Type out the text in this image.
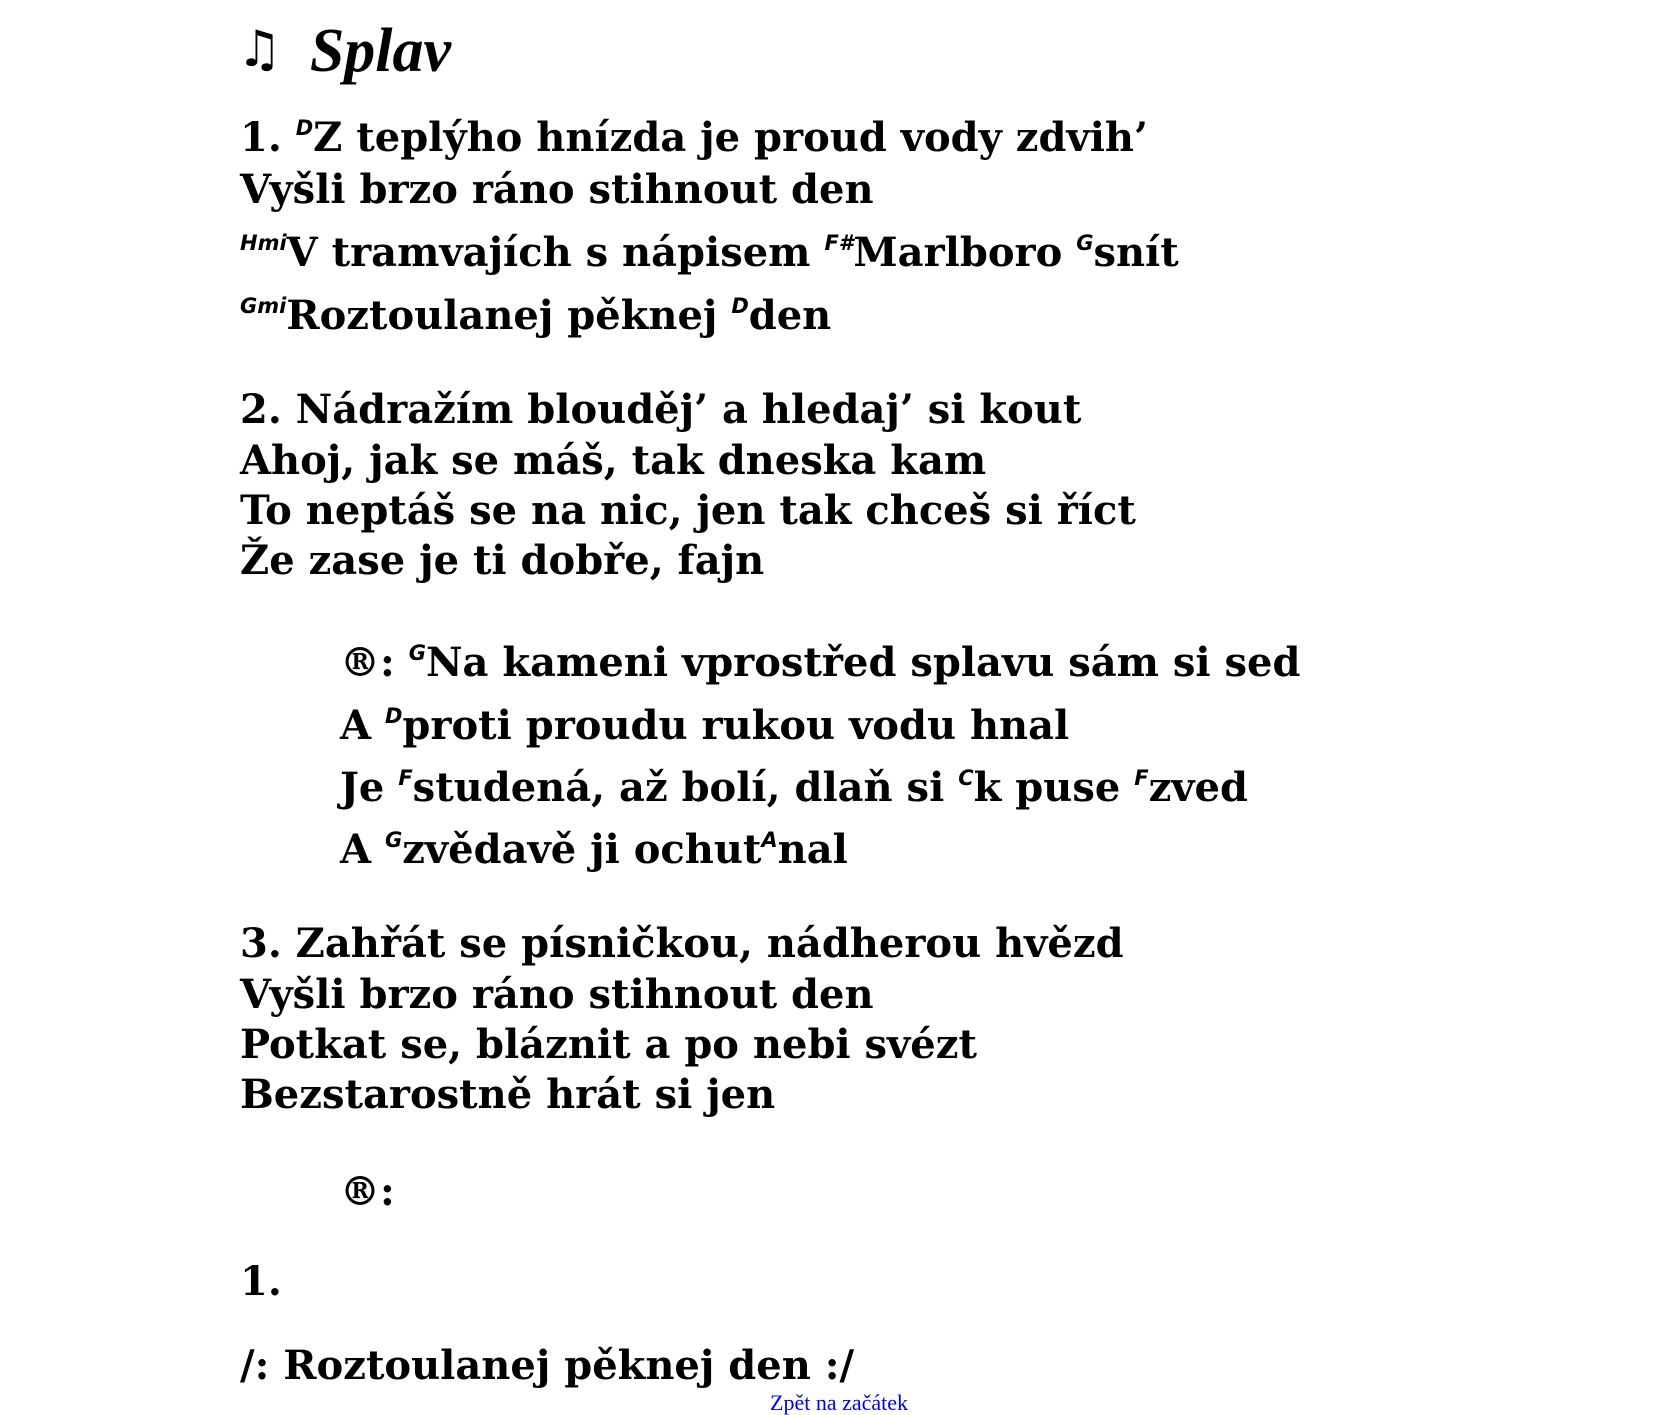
♫ Splav
1. $^D$Z teplýho hnízda je proud vody zdvih’
Vyšli brzo ráno stihnout den
$^{Hmi}$V tramvajích s nápisem $^{F\#}$Marlboro $^G$snít
$^{Gmi}$Roztoulanej pěknej $^D$den
2. Nádražím blouděj’ a hledaj’ si kout
Ahoj, jak se máš, tak dneska kam
To neptáš se na nic, jen tak chceš si říct
Že zase je ti dobře, fajn
®: $^G$Na kameni vprostřed splavu sám si sed
A $^D$proti proudu rukou vodu hnal
Je $^F$studená, až bolí, dlaň si $^C$k puse $^F$zved
A $^G$zvědavě ji ochut$^A$nal
3. Zahřát se písničkou, nádherou hvězd
Vyšli brzo ráno stihnout den
Potkat se, bláznit a po nebi svézt
Bezstarostně hrát si jen
®:
1.
/: Roztoulanej pěknej den :/
Zpět na začátek
